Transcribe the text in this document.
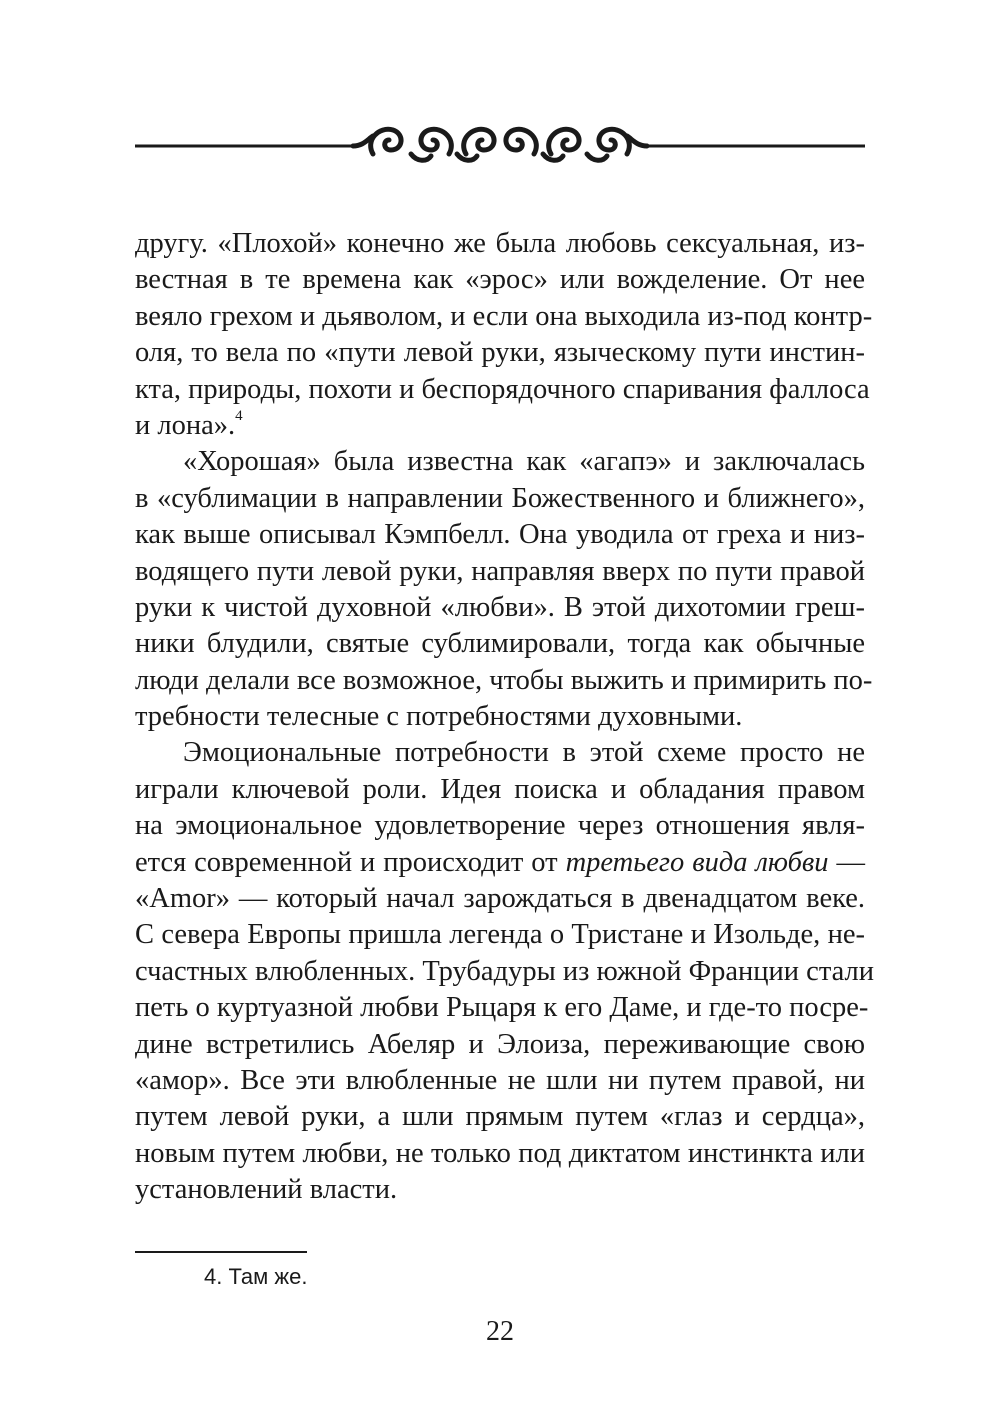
другу. «Плохой» конечно же была любовь сексуальная, из-
вестная в те времена как «эрос» или вожделение. От нее
веяло грехом и дьяволом, и если она выходила из-под контр-
оля, то вела по «пути левой руки, языческому пути инстин-
кта, природы, похоти и беспорядочного спаривания фаллоса
и лона».$^4$
«Хорошая» была известна как «агапэ» и заключалась
в «сублимации в направлении Божественного и ближнего»,
как выше описывал Кэмпбелл. Она уводила от греха и низ-
водящего пути левой руки, направляя вверх по пути правой
руки к чистой духовной «любви». В этой дихотомии греш-
ники блудили, святые сублимировали, тогда как обычные
люди делали все возможное, чтобы выжить и примирить по-
требности телесные с потребностями духовными.
Эмоциональные потребности в этой схеме просто не
играли ключевой роли. Идея поиска и обладания правом
на эмоциональное удовлетворение через отношения явля-
ется современной и происходит от третьего вида любви —
«Amor» — который начал зарождаться в двенадцатом веке.
С севера Европы пришла легенда о Тристане и Изольде, не-
счастных влюбленных. Трубадуры из южной Франции стали
петь о куртуазной любви Рыцаря к его Даме, и где-то посре-
дине встретились Абеляр и Элоиза, переживающие свою
«амор». Все эти влюбленные не шли ни путем правой, ни
путем левой руки, а шли прямым путем «глаз и сердца»,
новым путем любви, не только под диктатом инстинкта или
установлений власти.
4. Там же.
22
